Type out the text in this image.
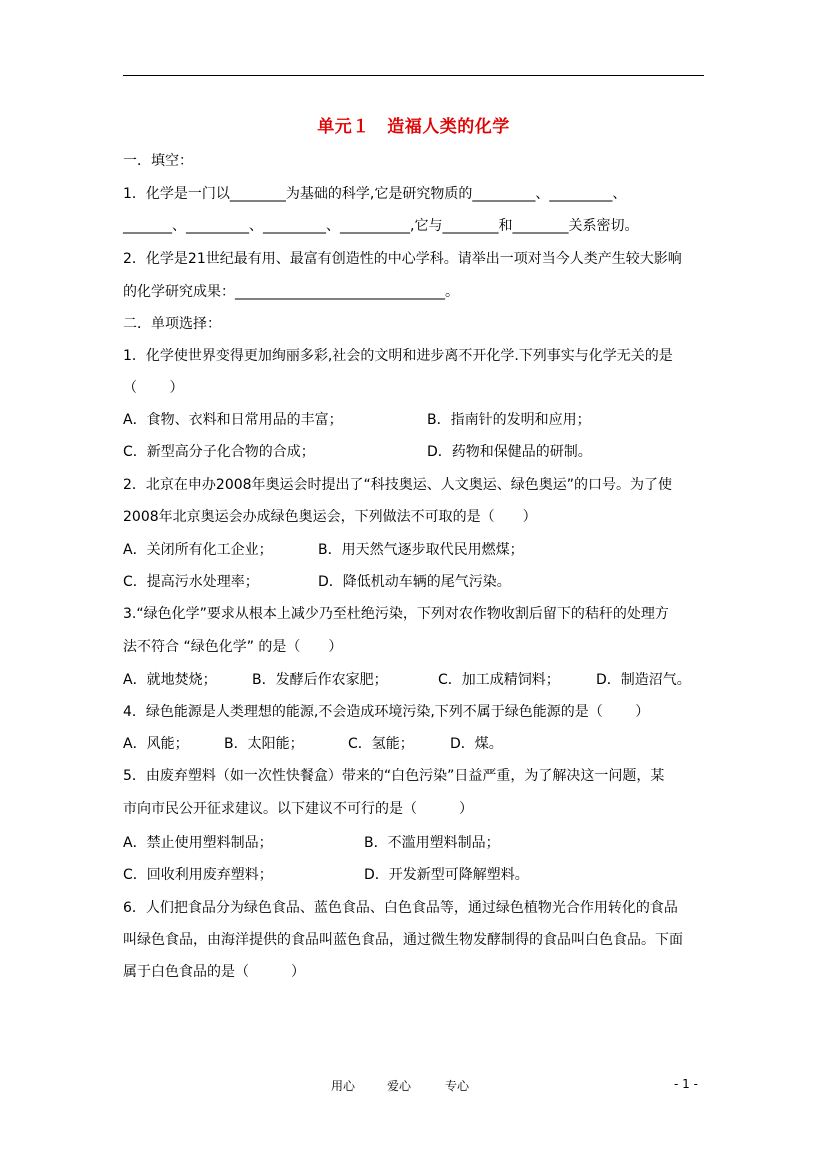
单元１　造福人类的化学
一．填空：
1．化学是一门以________为基础的科学,它是研究物质的_________、_________、
_______、_________、_________、__________,它与________和________关系密切。
2．化学是21世纪最有用、最富有创造性的中心学科。请举出一项对当今人类产生较大影响
的化学研究成果：______________________________。
二．单项选择：
1．化学使世界变得更加绚丽多彩,社会的文明和进步离不开化学.下列事实与化学无关的是
（　　 ）
A．食物、衣料和日常用品的丰富；	B．指南针的发明和应用；
C．新型高分子化合物的合成；	D．药物和保健品的研制。
2．北京在申办2008年奥运会时提出了“科技奥运、人文奥运、绿色奥运”的口号。为了使
2008年北京奥运会办成绿色奥运会，下列做法不可取的是（　　）
A．关闭所有化工企业；	B．用天然气逐步取代民用燃煤；
C．提高污水处理率；	D．降低机动车辆的尾气污染。
3.“绿色化学”要求从根本上减少乃至杜绝污染，下列对农作物收割后留下的秸秆的处理方
法不符合 “绿色化学” 的是（　　）
A．就地焚烧；	B．发酵后作农家肥；	C．加工成精饲料；	D．制造沼气。
4．绿色能源是人类理想的能源,不会造成环境污染,下列不属于绿色能源的是（　　 ）
A．风能；	B．太阳能；	C．氢能；	D．煤。
5．由废弃塑料（如一次性快餐盒）带来的“白色污染”日益严重，为了解决这一问题，某
市向市民公开征求建议。以下建议不可行的是（　　　）
A．禁止使用塑料制品；	B．不滥用塑料制品；
C．回收利用废弃塑料；	D．开发新型可降解塑料。
6．人们把食品分为绿色食品、蓝色食品、白色食品等，通过绿色植物光合作用转化的食品
叫绿色食品，由海洋提供的食品叫蓝色食品，通过微生物发酵制得的食品叫白色食品。下面
属于白色食品的是（　　　）
用心	爱心	专心	- 1 -
